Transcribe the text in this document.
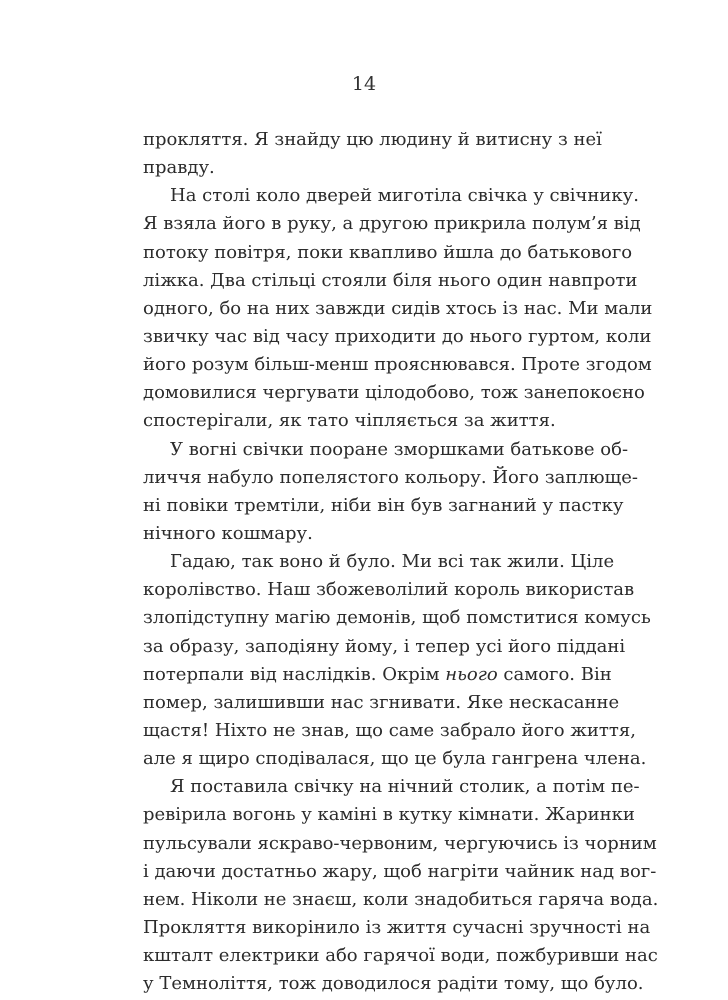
14
прокляття. Я знайду цю людину й витисну з неї
правду.
На столі коло дверей миготіла свічка у свічнику.
Я взяла його в руку, а другою прикрила полум’я від
потоку повітря, поки квапливо йшла до батькового
ліжка. Два стільці стояли біля нього один навпроти
одного, бо на них завжди сидів хтось із нас. Ми мали
звичку час від часу приходити до нього гуртом, коли
його розум більш-менш прояснювався. Проте згодом
домовилися чергувати цілодобово, тож занепокоєно
спостерігали, як тато чіпляється за життя.
У вогні свічки пооране зморшками батькове об-
личчя набуло попелястого кольору. Його заплющe-
ні повіки тремтіли, ніби він був загнаний у пастку
нічного кошмару.
Гадаю, так воно й було. Ми всі так жили. Ціле
королівство. Наш збожеволілий король використав
злопідступну магію демонів, щоб помститися комусь
за образу, заподіяну йому, і тепер усі його піддані
потерпали від наслідків. Окрім нього самого. Він
помер, залишивши нас згнивати. Яке нескасанне
щастя! Ніхто не знав, що саме забрало його життя,
але я щиро сподівалася, що це була гангрена члена.
Я поставила свічку на нічний столик, а потім пе-
ревірила вогонь у каміні в кутку кімнати. Жаринки
пульсували яскраво-червоним, чергуючись із чорним
і даючи достатньо жару, щоб нагріти чайник над вог-
нем. Ніколи не знаєш, коли знадобиться гаряча вода.
Прокляття викорінило із життя сучасні зручності на
кшталт електрики або гарячої води, пожбуривши нас
у Темноліття, тож доводилося радіти тому, що було.
